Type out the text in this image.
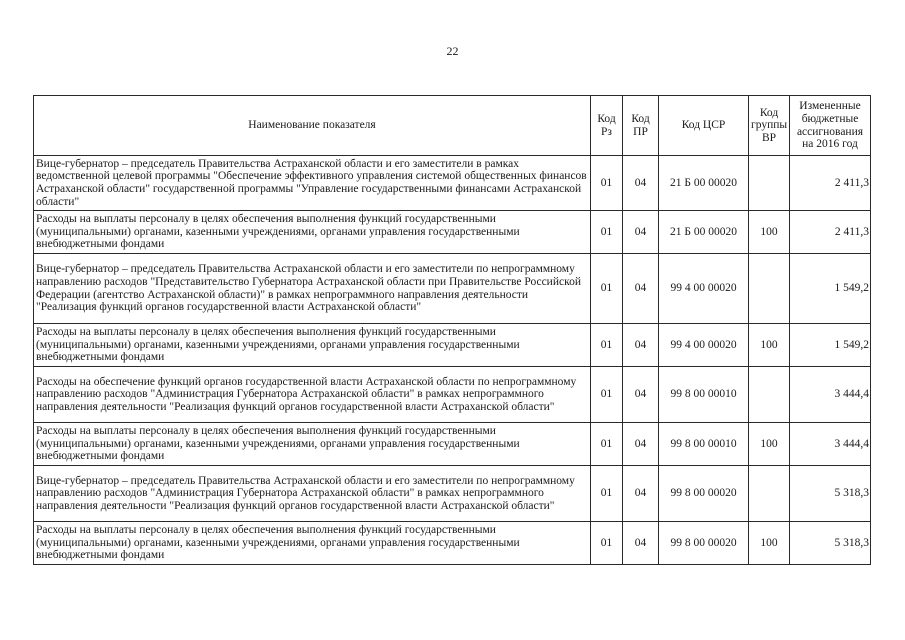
22
Наименование показателя	Код Рз	Код ПР	Код ЦСР	Код группы ВР	Измененные бюджетные ассигнования на 2016 год
Вице-губернатор – председатель Правительства Астраханской области и его заместители в рамках ведомственной целевой программы "Обеспечение эффективного управления системой общественных финансов Астраханской области" государственной программы "Управление государственными финансами Астраханской области"	01	04	21 Б 00 00020		2 411,3
Расходы на выплаты персоналу в целях обеспечения выполнения функций государственными (муниципальными) органами, казенными учреждениями, органами управления государственными внебюджетными фондами	01	04	21 Б 00 00020	100	2 411,3
Вице-губернатор – председатель Правительства Астраханской области и его заместители по непрограммному направлению расходов "Представительство Губернатора Астраханской области при Правительстве Российской Федерации (агентство Астраханской области)" в рамках непрограммного направления деятельности "Реализация функций органов государственной власти Астраханской области"	01	04	99 4 00 00020		1 549,2
Расходы на выплаты персоналу в целях обеспечения выполнения функций государственными (муниципальными) органами, казенными учреждениями, органами управления государственными внебюджетными фондами	01	04	99 4 00 00020	100	1 549,2
Расходы на обеспечение функций органов государственной власти Астраханской области по непрограммному направлению расходов "Администрация Губернатора Астраханской области" в рамках непрограммного направления деятельности "Реализация функций органов государственной власти Астраханской области"	01	04	99 8 00 00010		3 444,4
Расходы на выплаты персоналу в целях обеспечения выполнения функций государственными (муниципальными) органами, казенными учреждениями, органами управления государственными внебюджетными фондами	01	04	99 8 00 00010	100	3 444,4
Вице-губернатор – председатель Правительства Астраханской области и его заместители по непрограммному направлению расходов "Администрация Губернатора Астраханской области" в рамках непрограммного направления деятельности "Реализация функций органов государственной власти Астраханской области"	01	04	99 8 00 00020		5 318,3
Расходы на выплаты персоналу в целях обеспечения выполнения функций государственными (муниципальными) органами, казенными учреждениями, органами управления государственными внебюджетными фондами	01	04	99 8 00 00020	100	5 318,3
